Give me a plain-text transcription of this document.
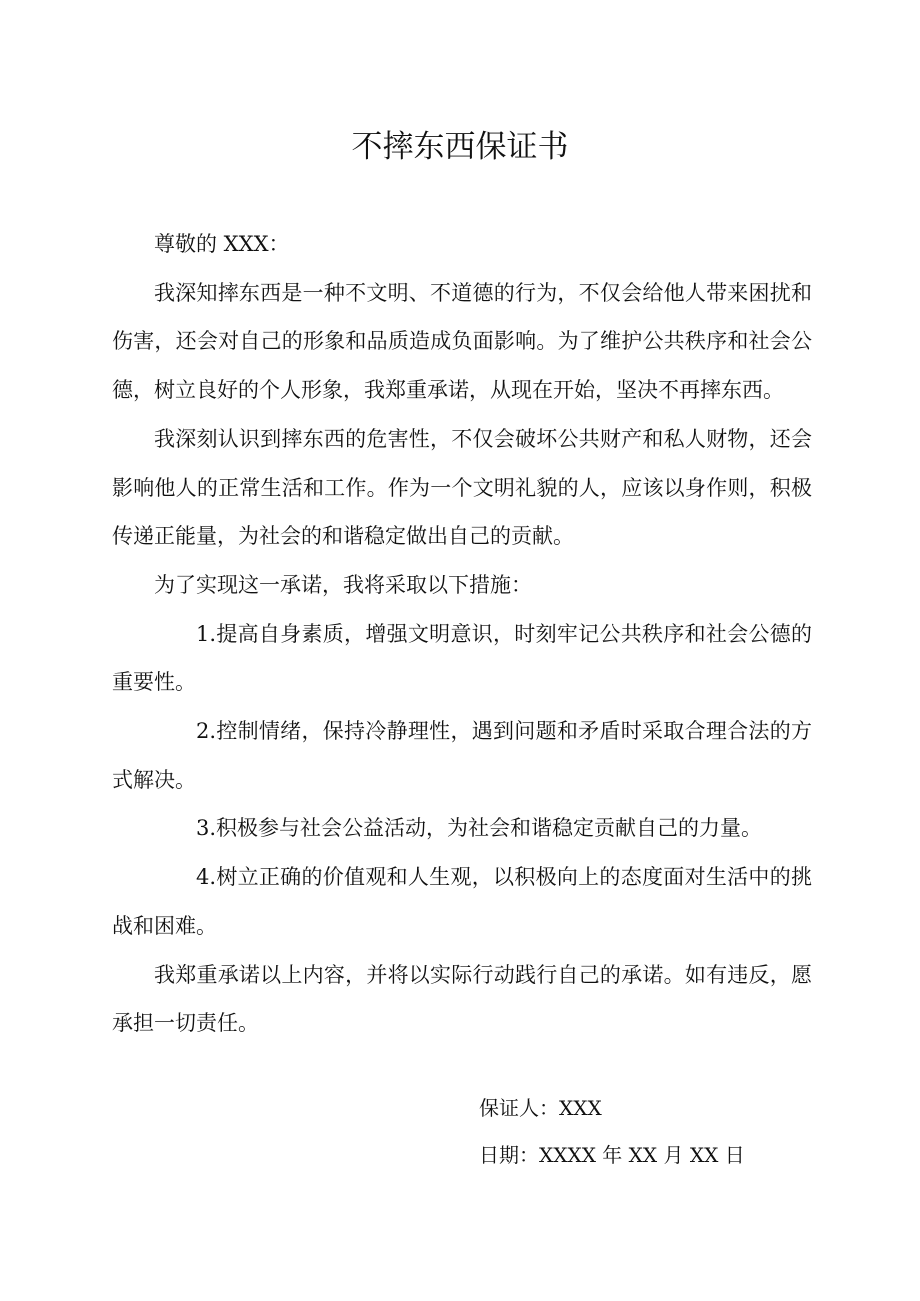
不摔东西保证书

尊敬的 XXX：

我深知摔东西是一种不文明、不道德的行为，不仅会给他人带来困扰和伤害，还会对自己的形象和品质造成负面影响。为了维护公共秩序和社会公德，树立良好的个人形象，我郑重承诺，从现在开始，坚决不再摔东西。

我深刻认识到摔东西的危害性，不仅会破坏公共财产和私人财物，还会影响他人的正常生活和工作。作为一个文明礼貌的人，应该以身作则，积极传递正能量，为社会的和谐稳定做出自己的贡献。

为了实现这一承诺，我将采取以下措施：

1.提高自身素质，增强文明意识，时刻牢记公共秩序和社会公德的重要性。

2.控制情绪，保持冷静理性，遇到问题和矛盾时采取合理合法的方式解决。

3.积极参与社会公益活动，为社会和谐稳定贡献自己的力量。

4.树立正确的价值观和人生观，以积极向上的态度面对生活中的挑战和困难。

我郑重承诺以上内容，并将以实际行动践行自己的承诺。如有违反，愿承担一切责任。

保证人：XXX

日期：XXXX 年 XX 月 XX 日
